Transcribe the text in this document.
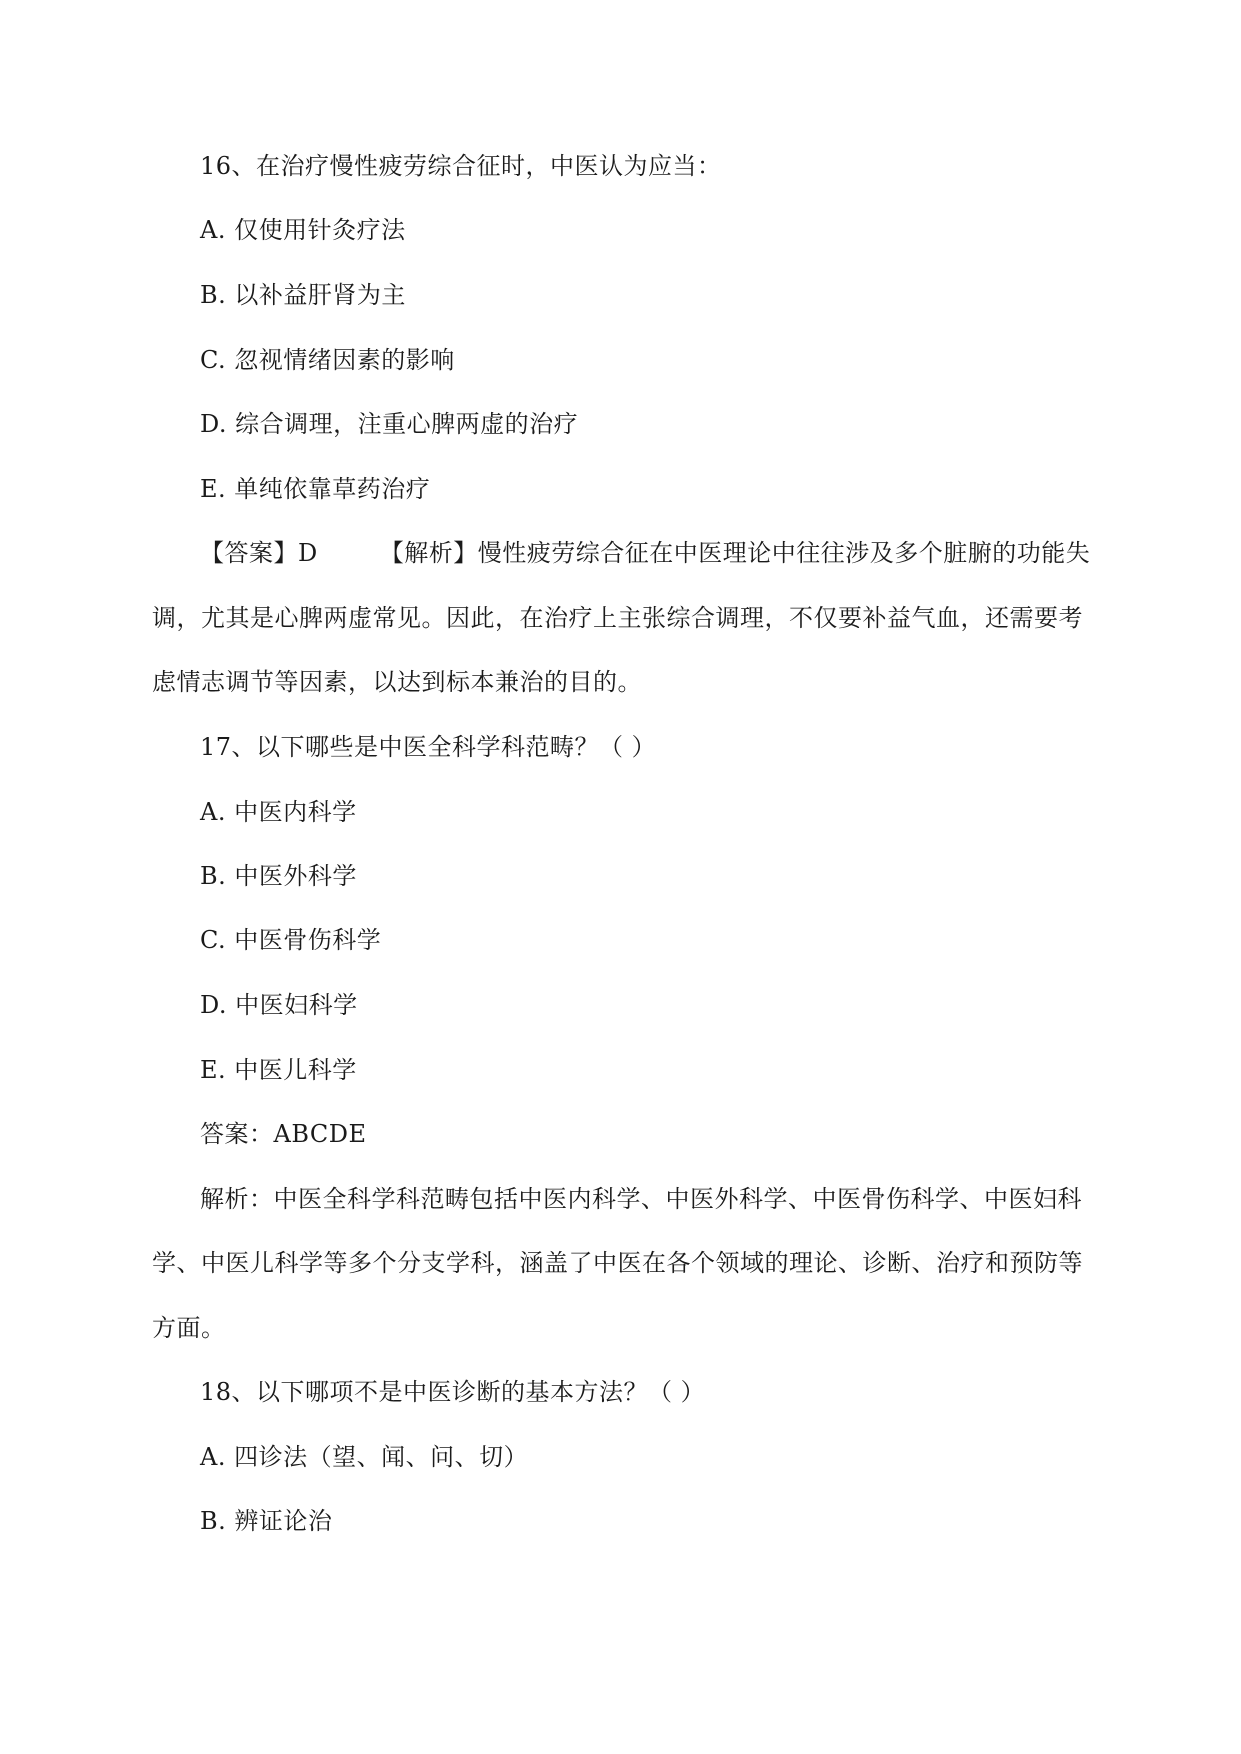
16、在治疗慢性疲劳综合征时，中医认为应当：
A. 仅使用针灸疗法
B. 以补益肝肾为主
C. 忽视情绪因素的影响
D. 综合调理，注重心脾两虚的治疗
E. 单纯依靠草药治疗
【答案】D	【解析】慢性疲劳综合征在中医理论中往往涉及多个脏腑的功能失
调，尤其是心脾两虚常见。因此，在治疗上主张综合调理，不仅要补益气血，还需要考
虑情志调节等因素，以达到标本兼治的目的。
17、以下哪些是中医全科学科范畴？（ ）
A. 中医内科学
B. 中医外科学
C. 中医骨伤科学
D. 中医妇科学
E. 中医儿科学
答案：ABCDE
解析：中医全科学科范畴包括中医内科学、中医外科学、中医骨伤科学、中医妇科
学、中医儿科学等多个分支学科，涵盖了中医在各个领域的理论、诊断、治疗和预防等
方面。
18、以下哪项不是中医诊断的基本方法？（ ）
A. 四诊法（望、闻、问、切）
B. 辨证论治
